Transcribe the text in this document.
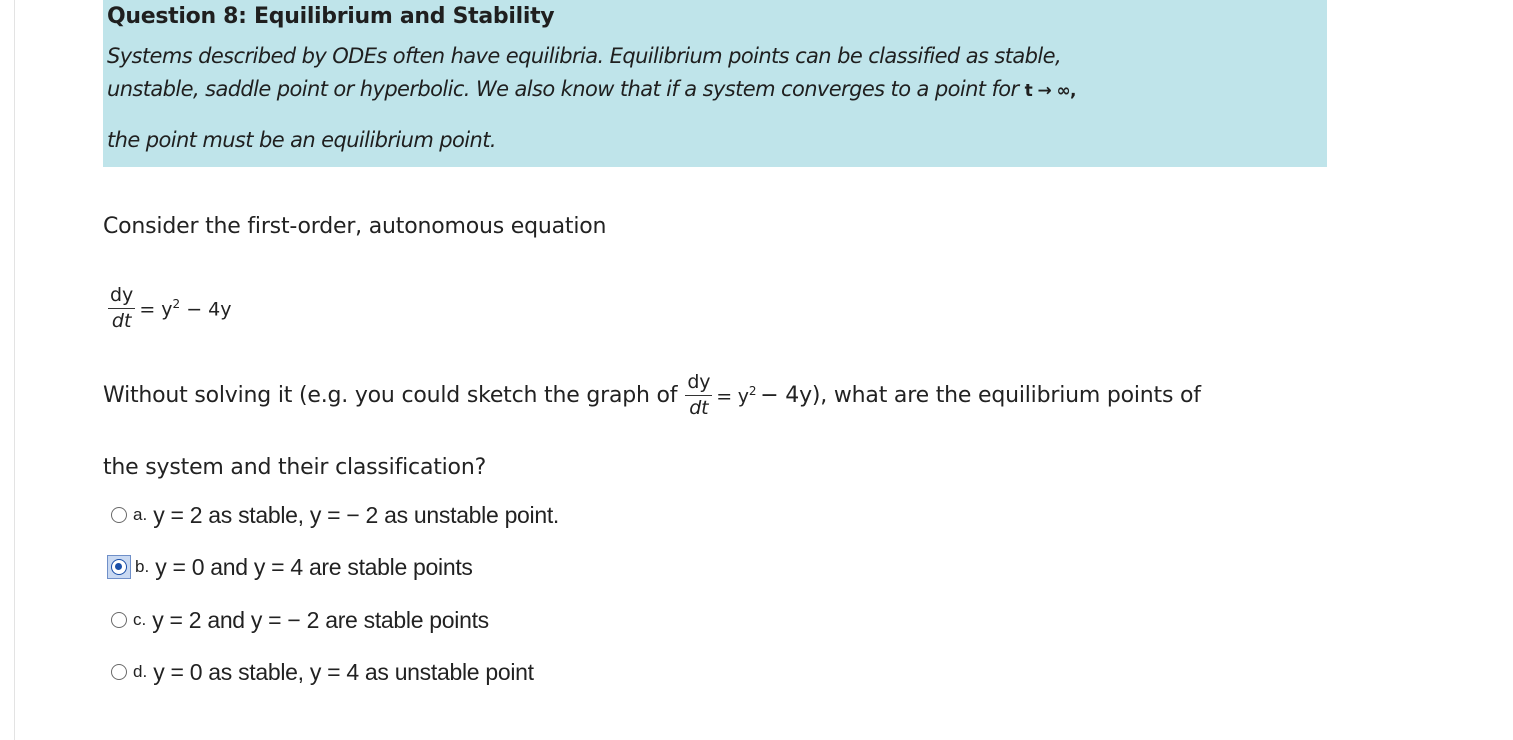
Question 8: Equilibrium and Stability
Systems described by ODEs often have equilibria. Equilibrium points can be classified as stable,
unstable, saddle point or hyperbolic. We also know that if a system converges to a point for t → ∞,
the point must be an equilibrium point.
Consider the first-order, autonomous equation
$\frac{dy}{dt} = y^2 - 4y$
Without solving it (e.g. you could sketch the graph of $\frac{dy}{dt} = y^2 - 4y$), what are the equilibrium points of
the system and their classification?
a. y = 2 as stable, y = − 2 as unstable point.
b. y = 0 and y = 4 are stable points
c. y = 2 and y = − 2 are stable points
d. y = 0 as stable, y = 4 as unstable point
